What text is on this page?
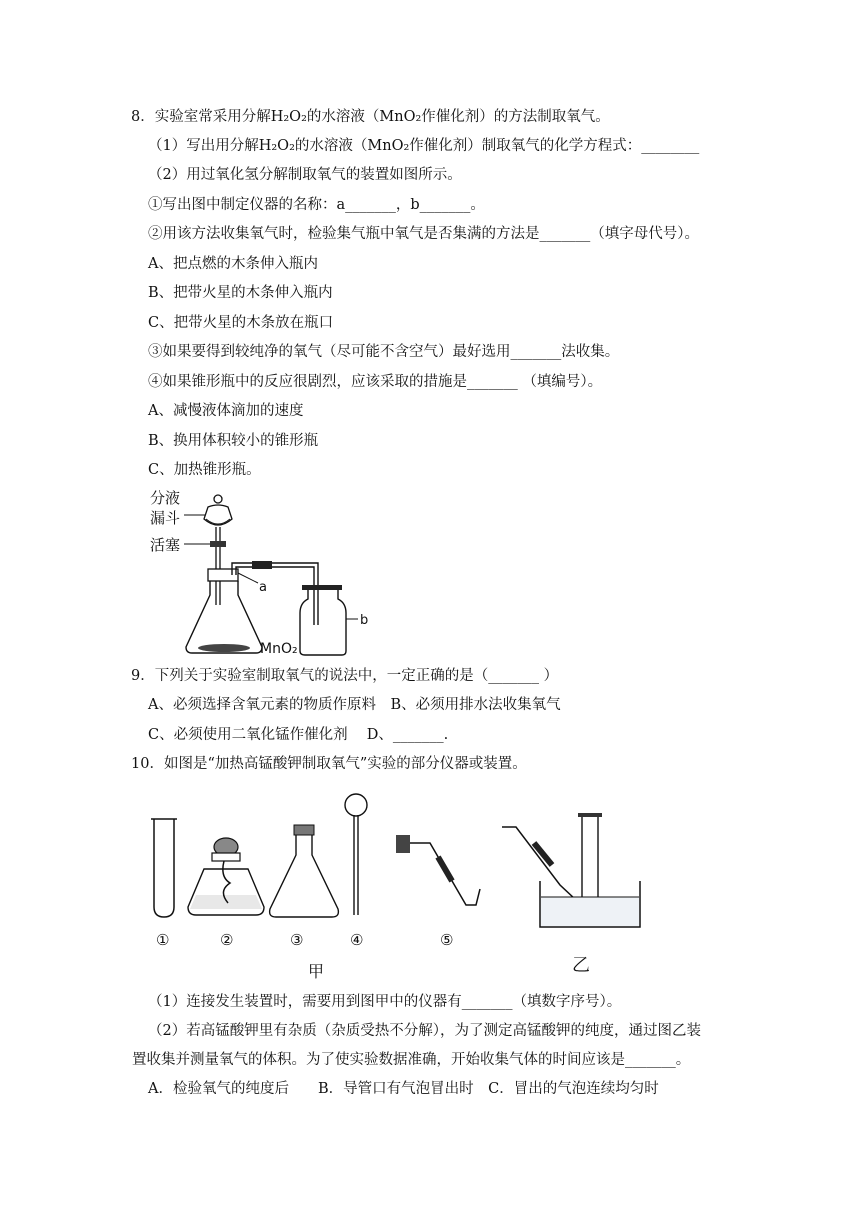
8．实验室常采用分解H₂O₂的水溶液（MnO₂作催化剂）的方法制取氧气。
（1）写出用分解H₂O₂的水溶液（MnO₂作催化剂）制取氧气的化学方程式：________
（2）用过氧化氢分解制取氧气的装置如图所示。
①写出图中制定仪器的名称：a_______，b_______。
②用该方法收集氧气时，检验集气瓶中氧气是否集满的方法是_______（填字母代号）。
A、把点燃的木条伸入瓶内
B、把带火星的木条伸入瓶内
C、把带火星的木条放在瓶口
③如果要得到较纯净的氧气（尽可能不含空气）最好选用_______法收集。
④如果锥形瓶中的反应很剧烈，应该采取的措施是_______ （填编号）。
A、减慢液体滴加的速度
B、换用体积较小的锥形瓶
C、加热锥形瓶。
分液
漏斗
活塞
MnO₂
a
b
9．下列关于实验室制取氧气的说法中，一定正确的是（_______ ）
A、必须选择含氧元素的物质作原料　B、必须用排水法收集氧气
C、必须使用二氧化锰作催化剂　 D、_______.
10．如图是“加热高锰酸钾制取氧气”实验的部分仪器或装置。
①	②	③	④	⑤
甲	乙
（1）连接发生装置时，需要用到图甲中的仪器有_______（填数字序号）。
（2）若高锰酸钾里有杂质（杂质受热不分解），为了测定高锰酸钾的纯度，通过图乙装
置收集并测量氧气的体积。为了使实验数据准确，开始收集气体的时间应该是_______。
A．检验氧气的纯度后　　B．导管口有气泡冒出时　C．冒出的气泡连续均匀时
